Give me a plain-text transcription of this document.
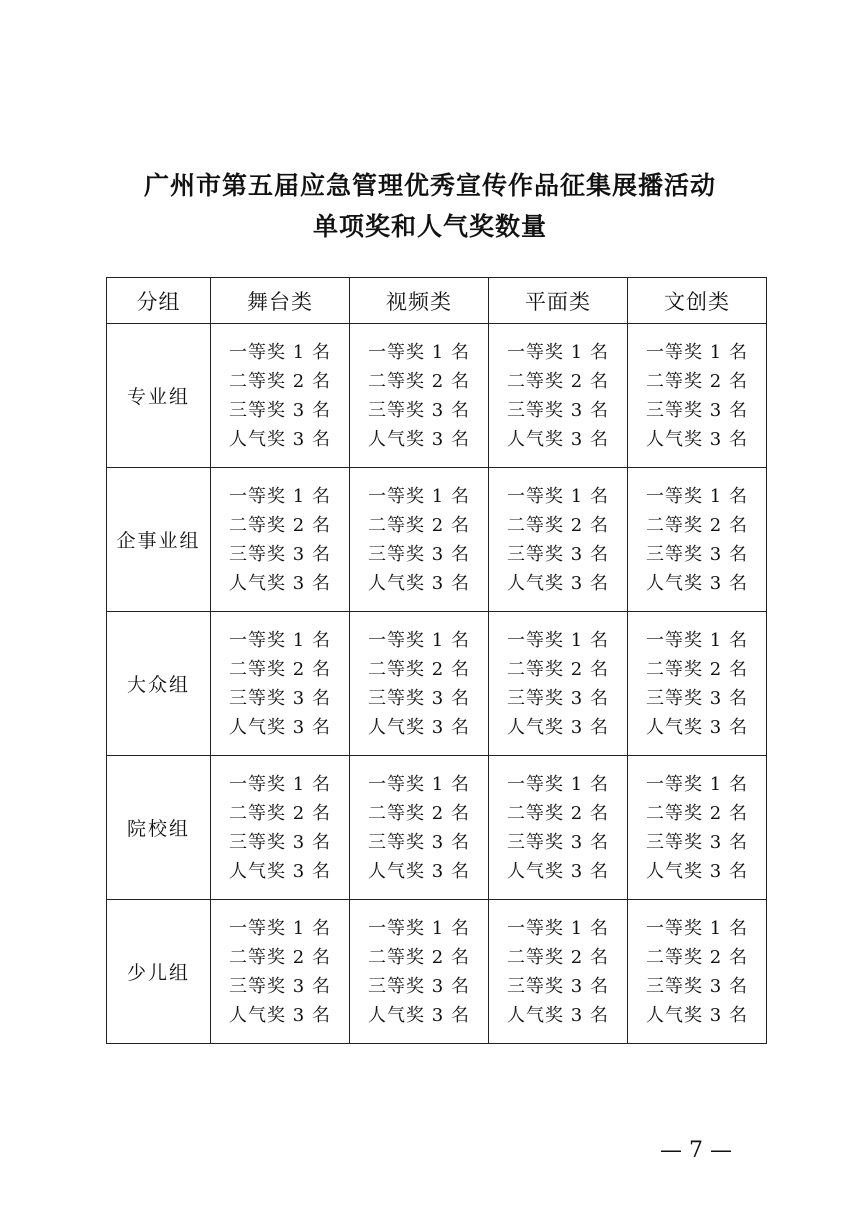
广州市第五届应急管理优秀宣传作品征集展播活动
单项奖和人气奖数量
分组	舞台类	视频类	平面类	文创类
专业组	一等奖 1 名
二等奖 2 名
三等奖 3 名
人气奖 3 名	一等奖 1 名
二等奖 2 名
三等奖 3 名
人气奖 3 名	一等奖 1 名
二等奖 2 名
三等奖 3 名
人气奖 3 名	一等奖 1 名
二等奖 2 名
三等奖 3 名
人气奖 3 名

企事业组	一等奖 1 名
二等奖 2 名
三等奖 3 名
人气奖 3 名	一等奖 1 名
二等奖 2 名
三等奖 3 名
人气奖 3 名	一等奖 1 名
二等奖 2 名
三等奖 3 名
人气奖 3 名	一等奖 1 名
二等奖 2 名
三等奖 3 名
人气奖 3 名

大众组	一等奖 1 名
二等奖 2 名
三等奖 3 名
人气奖 3 名	一等奖 1 名
二等奖 2 名
三等奖 3 名
人气奖 3 名	一等奖 1 名
二等奖 2 名
三等奖 3 名
人气奖 3 名	一等奖 1 名
二等奖 2 名
三等奖 3 名
人气奖 3 名

院校组	一等奖 1 名
二等奖 2 名
三等奖 3 名
人气奖 3 名	一等奖 1 名
二等奖 2 名
三等奖 3 名
人气奖 3 名	一等奖 1 名
二等奖 2 名
三等奖 3 名
人气奖 3 名	一等奖 1 名
二等奖 2 名
三等奖 3 名
人气奖 3 名

少儿组	一等奖 1 名
二等奖 2 名
三等奖 3 名
人气奖 3 名	一等奖 1 名
二等奖 2 名
三等奖 3 名
人气奖 3 名	一等奖 1 名
二等奖 2 名
三等奖 3 名
人气奖 3 名	一等奖 1 名
二等奖 2 名
三等奖 3 名
人气奖 3 名
— 7 —
